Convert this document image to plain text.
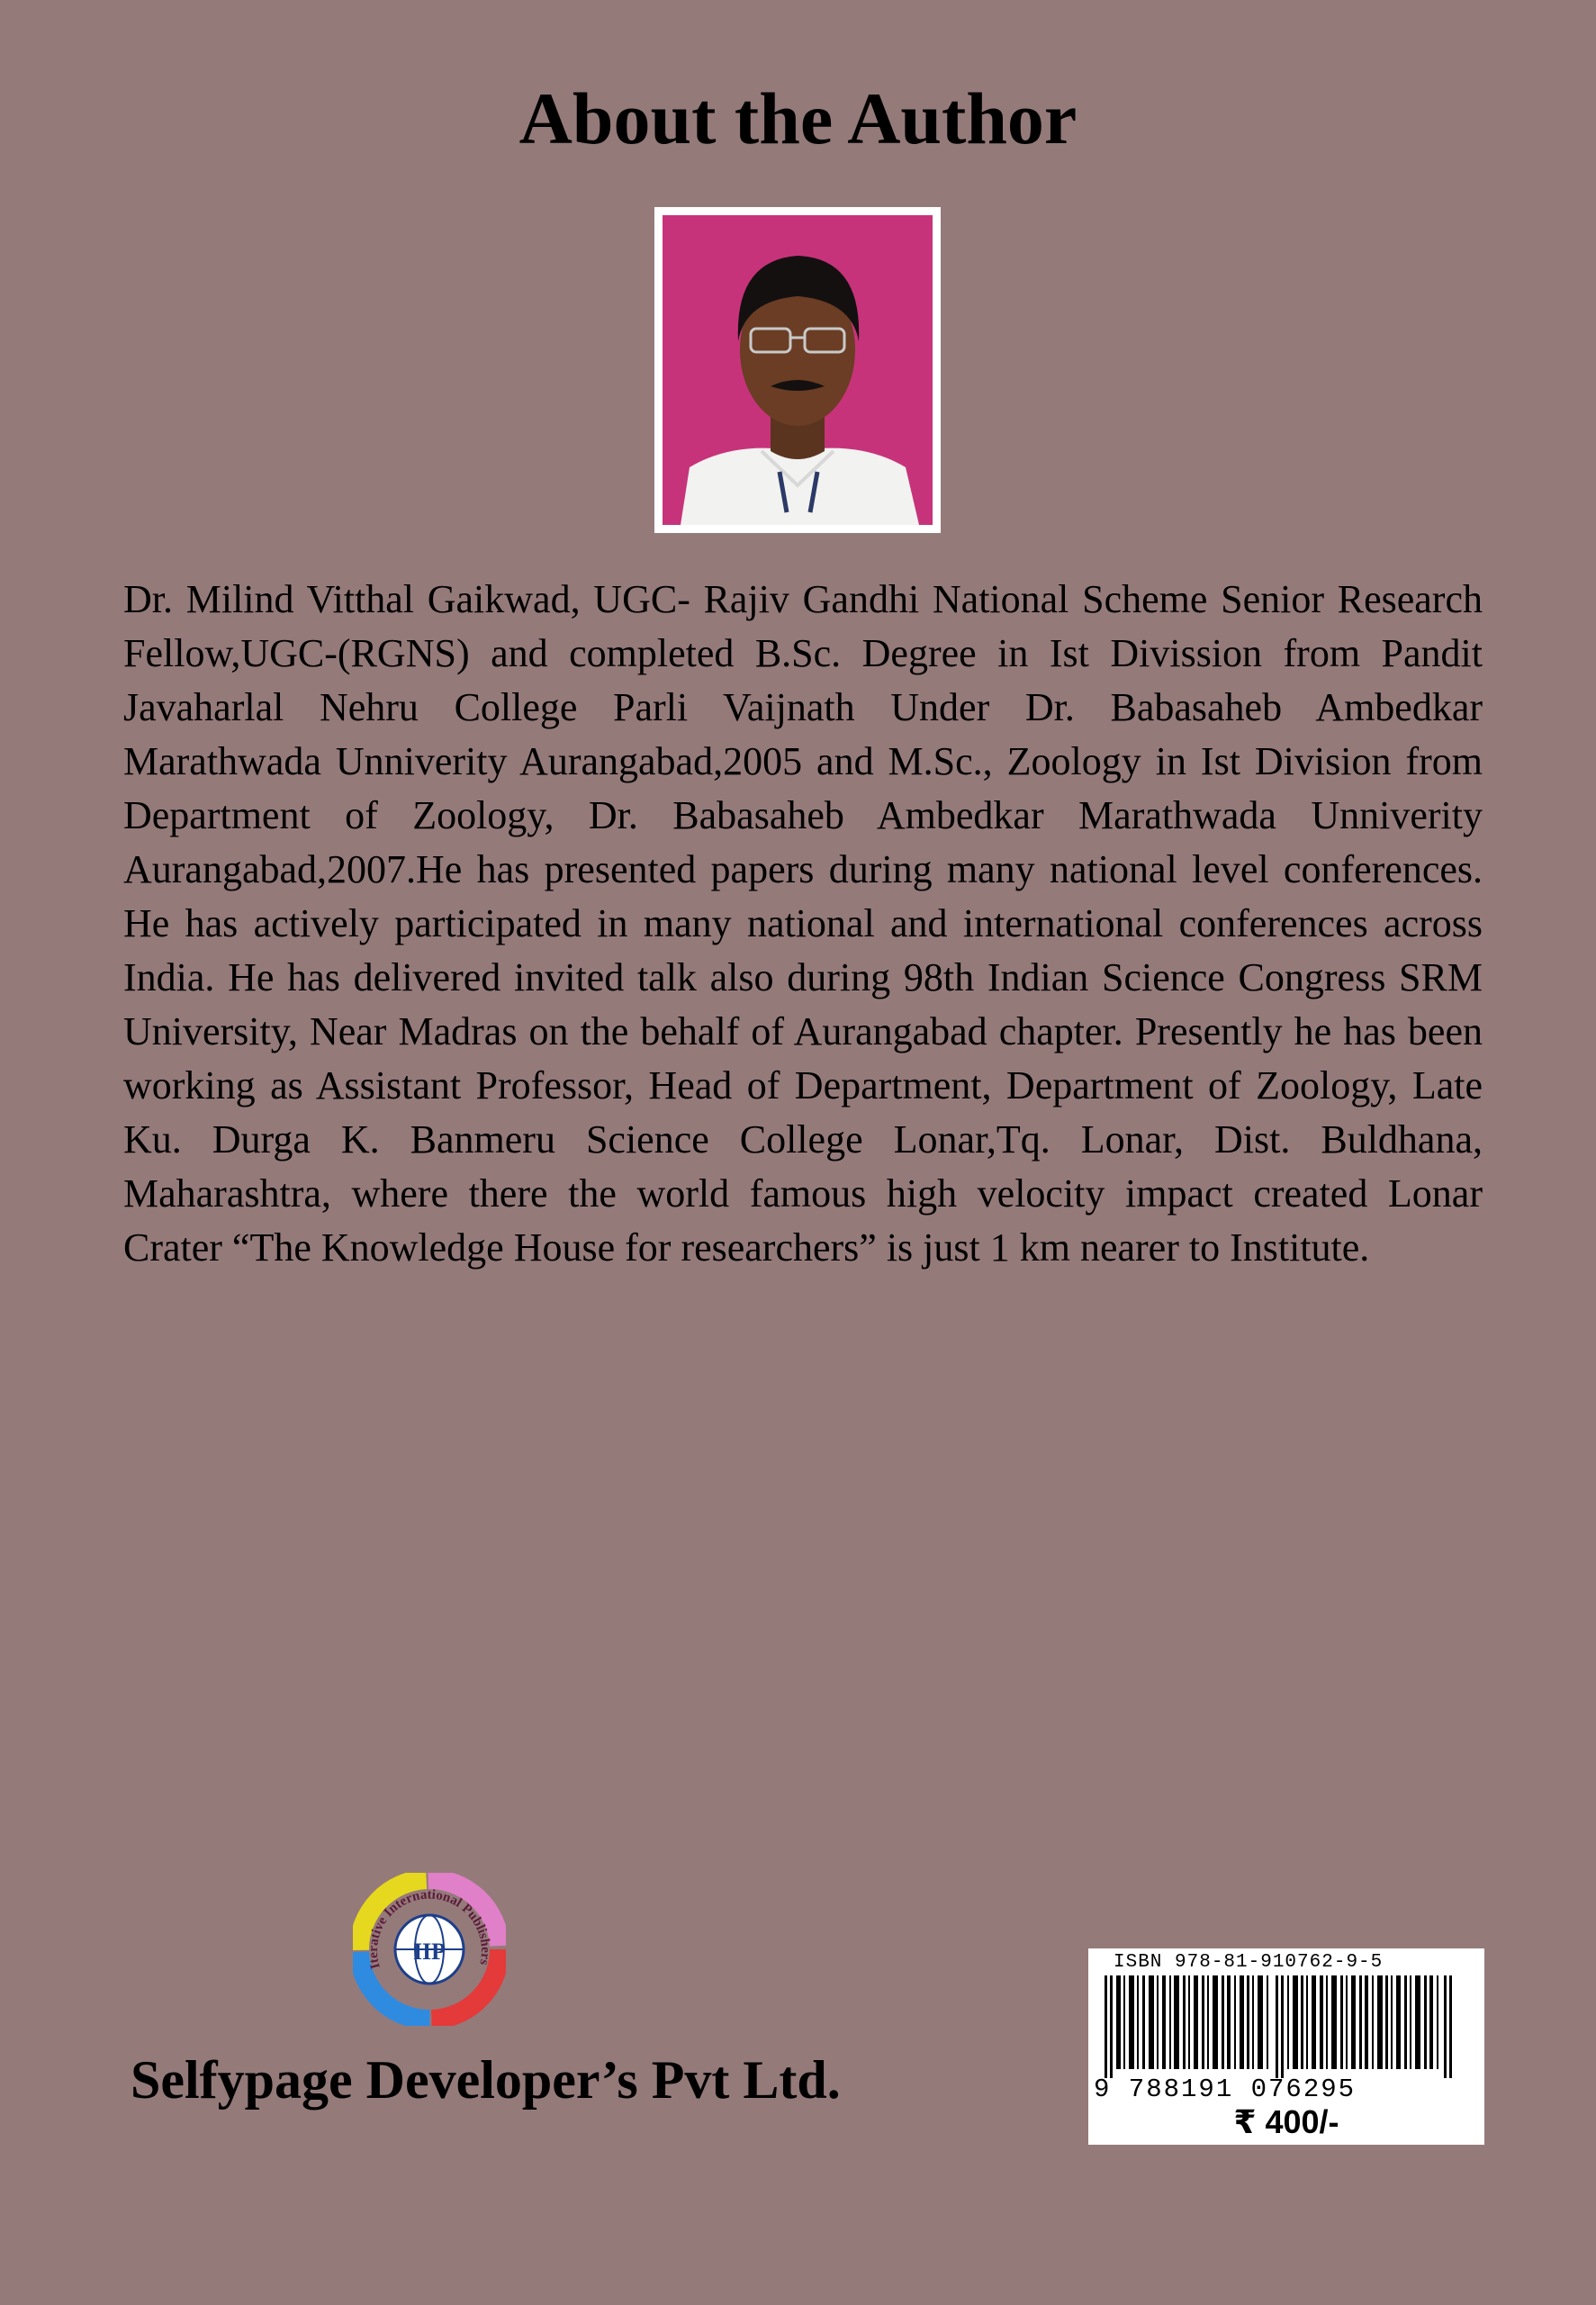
About the Author

Dr. Milind Vitthal Gaikwad, UGC- Rajiv Gandhi National Scheme Senior Research Fellow,UGC-(RGNS) and completed B.Sc. Degree in Ist Divission from Pandit Javaharlal Nehru College Parli Vaijnath Under Dr. Babasaheb Ambedkar Marathwada Unniverity Aurangabad,2005 and M.Sc., Zoology in Ist Division from Department of Zoology, Dr. Babasaheb Ambedkar Marathwada Unniverity Aurangabad,2007.He has presented papers during many national level conferences. He has actively participated in many national and international conferences across India. He has delivered invited talk also during 98th Indian Science Congress SRM University, Near Madras on the behalf of Aurangabad chapter. Presently he has been working as Assistant Professor, Head of Department, Department of Zoology, Late Ku. Durga K. Banmeru Science College Lonar,Tq. Lonar, Dist. Buldhana, Maharashtra, where there the world famous high velocity impact created Lonar Crater “The Knowledge House for researchers” is just 1 km nearer to Institute.

Iterative International Publishers
IIP
Selfypage Developer’s Pvt Ltd.
ISBN 978-81-910762-9-5
9 788191 076295
₹ 400/-
